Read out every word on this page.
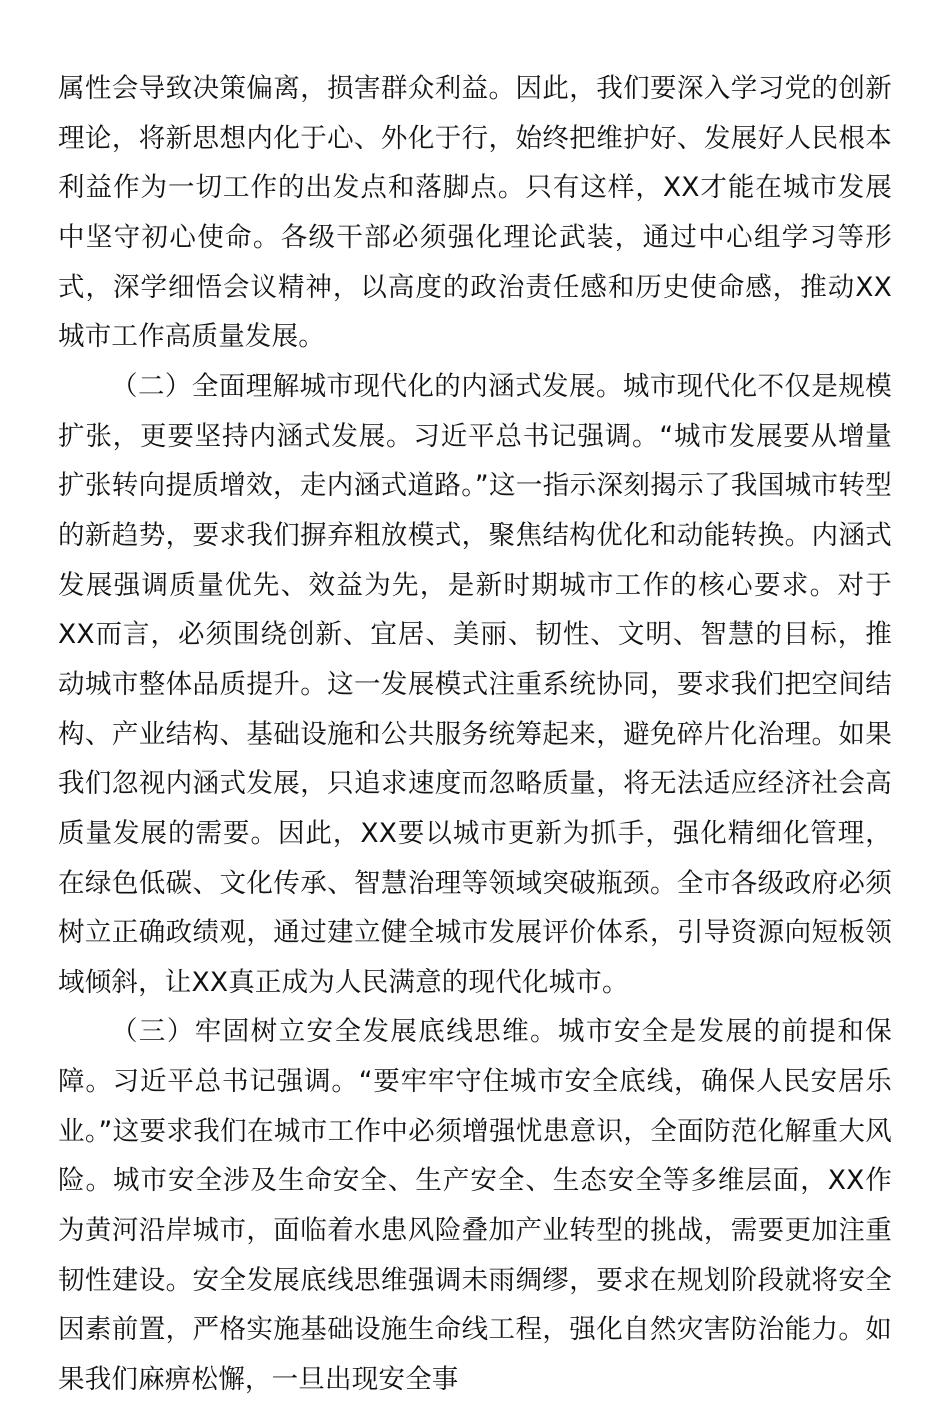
属性会导致决策偏离，损害群众利益。因此，我们要深入学习党的创新理论，将新思想内化于心、外化于行，始终把维护好、发展好人民根本利益作为一切工作的出发点和落脚点。只有这样，XX才能在城市发展中坚守初心使命。各级干部必须强化理论武装，通过中心组学习等形式，深学细悟会议精神，以高度的政治责任感和历史使命感，推动XX城市工作高质量发展。

（二）全面理解城市现代化的内涵式发展。城市现代化不仅是规模扩张，更要坚持内涵式发展。习近平总书记强调。“城市发展要从增量扩张转向提质增效，走内涵式道路。”这一指示深刻揭示了我国城市转型的新趋势，要求我们摒弃粗放模式，聚焦结构优化和动能转换。内涵式发展强调质量优先、效益为先，是新时期城市工作的核心要求。对于XX而言，必须围绕创新、宜居、美丽、韧性、文明、智慧的目标，推动城市整体品质提升。这一发展模式注重系统协同，要求我们把空间结构、产业结构、基础设施和公共服务统筹起来，避免碎片化治理。如果我们忽视内涵式发展，只追求速度而忽略质量，将无法适应经济社会高质量发展的需要。因此，XX要以城市更新为抓手，强化精细化管理，在绿色低碳、文化传承、智慧治理等领域突破瓶颈。全市各级政府必须树立正确政绩观，通过建立健全城市发展评价体系，引导资源向短板领域倾斜，让XX真正成为人民满意的现代化城市。

（三）牢固树立安全发展底线思维。城市安全是发展的前提和保障。习近平总书记强调。“要牢牢守住城市安全底线，确保人民安居乐业。”这要求我们在城市工作中必须增强忧患意识，全面防范化解重大风险。城市安全涉及生命安全、生产安全、生态安全等多维层面，XX作为黄河沿岸城市，面临着水患风险叠加产业转型的挑战，需要更加注重韧性建设。安全发展底线思维强调未雨绸缪，要求在规划阶段就将安全因素前置，严格实施基础设施生命线工程，强化自然灾害防治能力。如果我们麻痹松懈，一旦出现安全事
